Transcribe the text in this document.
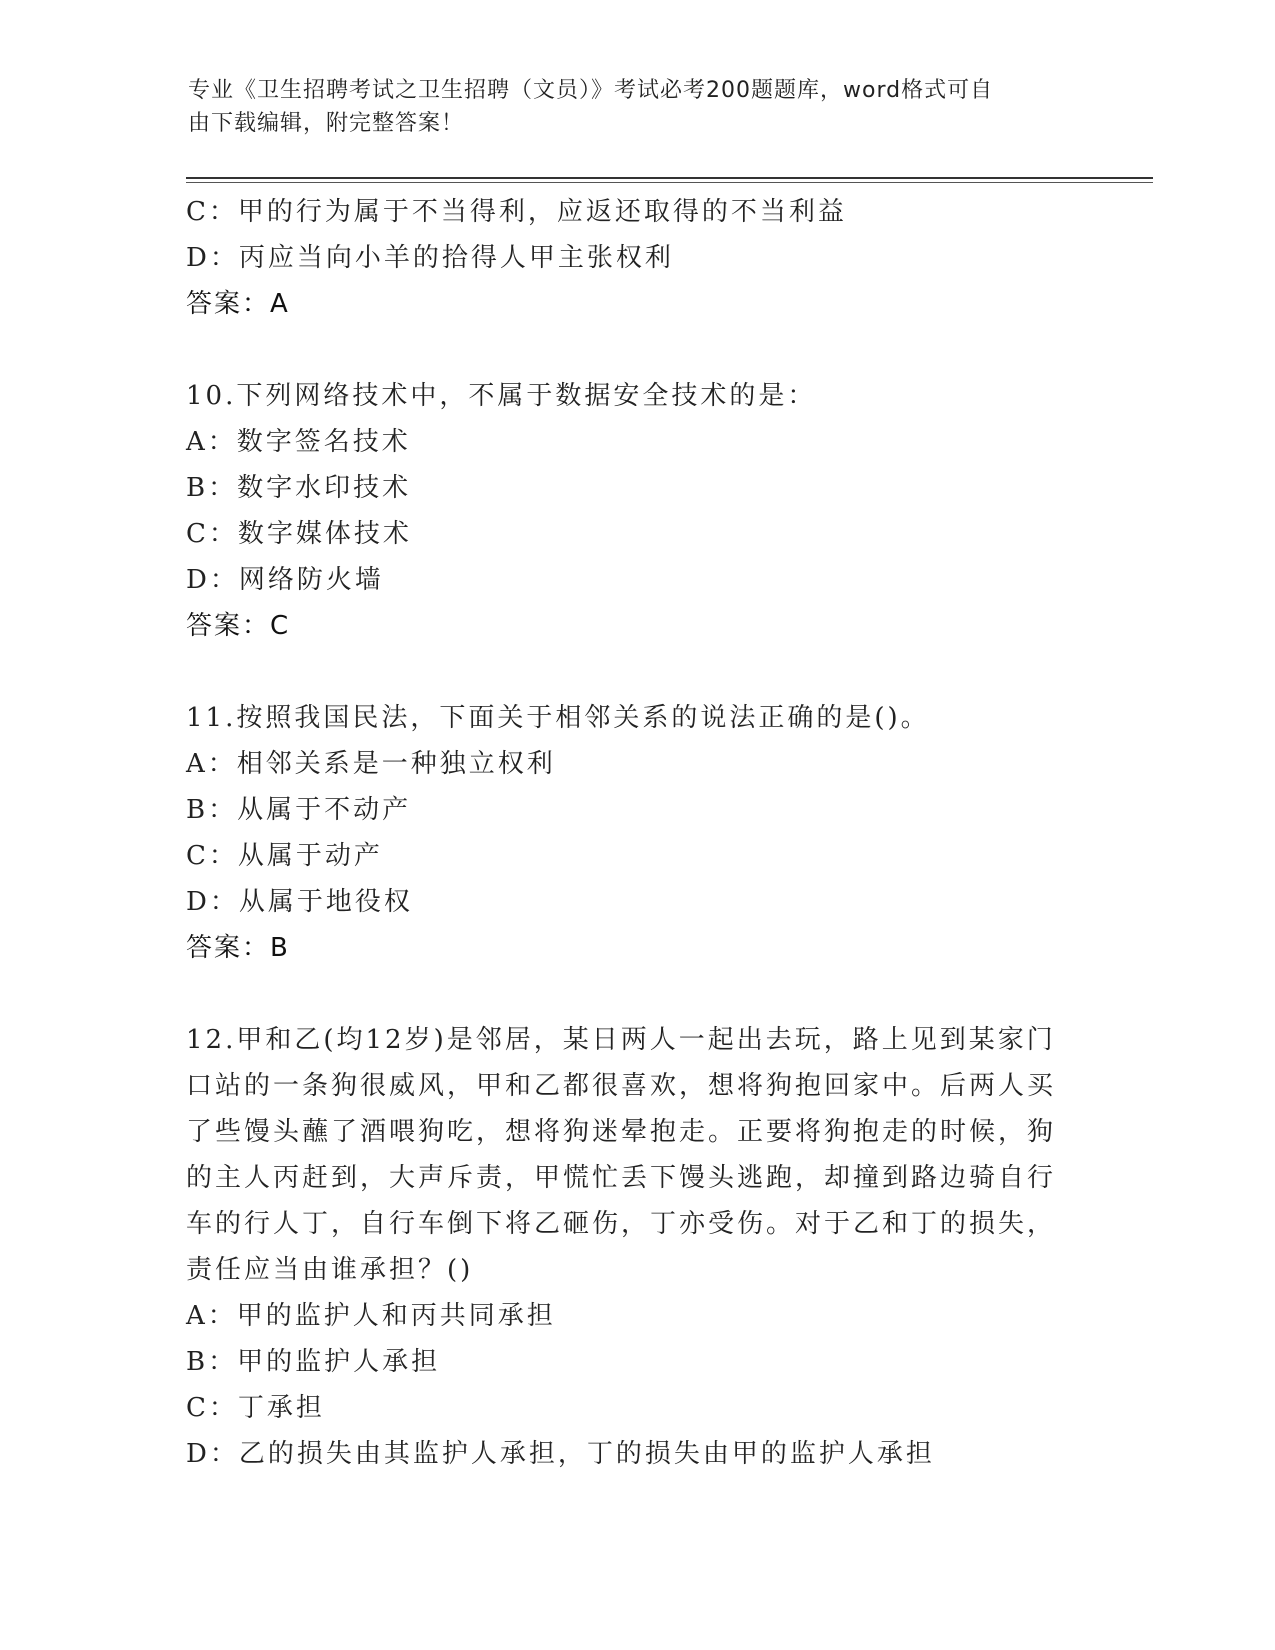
专业《卫生招聘考试之卫生招聘（文员）》考试必考200题题库，word格式可自
由下载编辑，附完整答案！
C：甲的行为属于不当得利，应返还取得的不当利益
D：丙应当向小羊的拾得人甲主张权利
答案：A
10.下列网络技术中，不属于数据安全技术的是：
A：数字签名技术
B：数字水印技术
C：数字媒体技术
D：网络防火墙
答案：C
11.按照我国民法，下面关于相邻关系的说法正确的是()。
A：相邻关系是一种独立权利
B：从属于不动产
C：从属于动产
D：从属于地役权
答案：B
12.甲和乙(均12岁)是邻居，某日两人一起出去玩，路上见到某家门
口站的一条狗很威风，甲和乙都很喜欢，想将狗抱回家中。后两人买
了些馒头蘸了酒喂狗吃，想将狗迷晕抱走。正要将狗抱走的时候，狗
的主人丙赶到，大声斥责，甲慌忙丢下馒头逃跑，却撞到路边骑自行
车的行人丁，自行车倒下将乙砸伤，丁亦受伤。对于乙和丁的损失，
责任应当由谁承担？()
A：甲的监护人和丙共同承担
B：甲的监护人承担
C：丁承担
D：乙的损失由其监护人承担，丁的损失由甲的监护人承担
